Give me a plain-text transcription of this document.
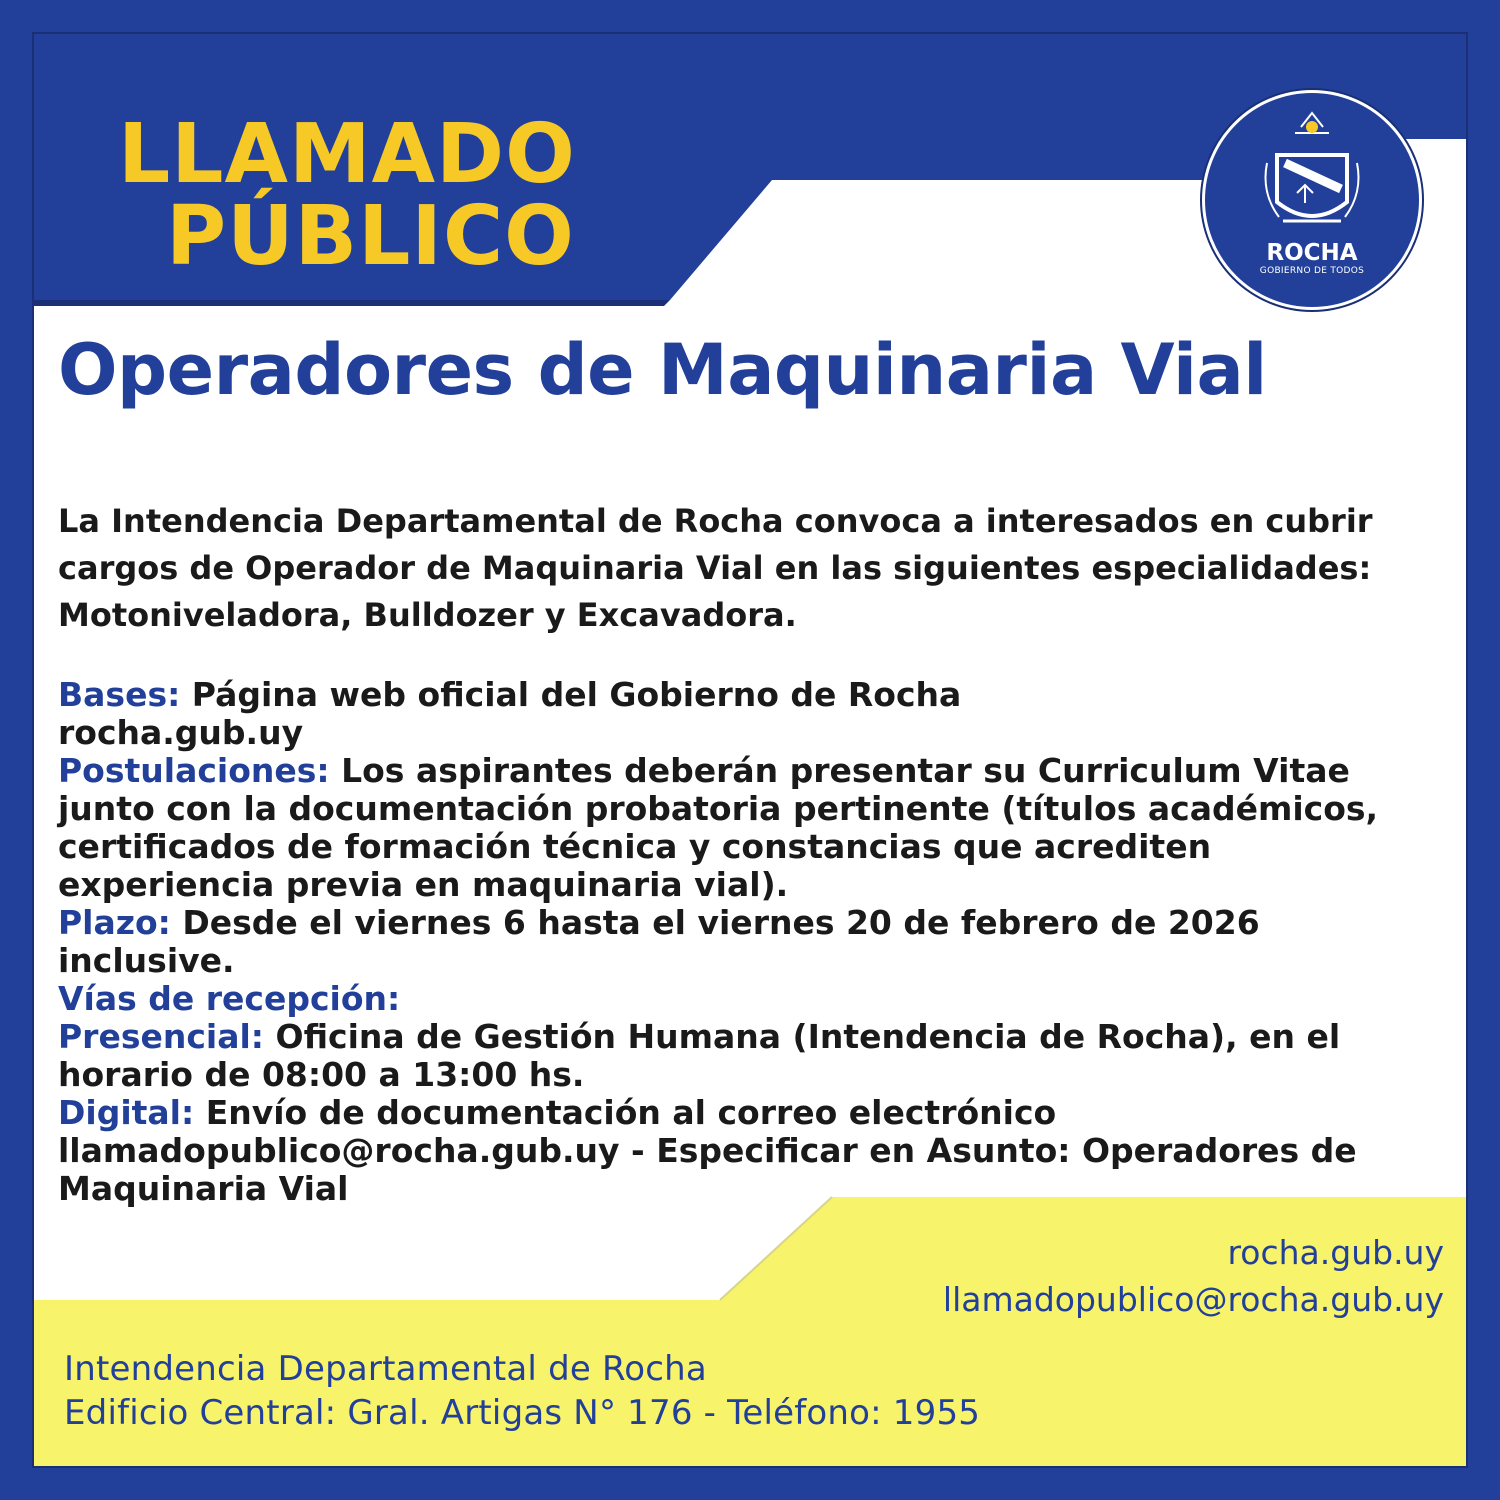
LLAMADO
PÚBLICO	ROCHA
GOBIERNO DE TODOS
Operadores de Maquinaria Vial

La Intendencia Departamental de Rocha convoca a interesados en cubrir cargos de Operador de Maquinaria Vial en las siguientes especialidades: Motoniveladora, Bulldozer y Excavadora.

Bases: Página web oficial del Gobierno de Rocha

rocha.gub.uy

Postulaciones: Los aspirantes deberán presentar su Curriculum Vitae junto con la documentación probatoria pertinente (títulos académicos, certificados de formación técnica y constancias que acrediten experiencia previa en maquinaria vial).

Plazo: Desde el viernes 6 hasta el viernes 20 de febrero de 2026 inclusive.

Vías de recepción:

Presencial: Oficina de Gestión Humana (Intendencia de Rocha), en el horario de 08:00 a 13:00 hs.

Digital: Envío de documentación al correo electrónico llamadopublico@rocha.gub.uy - Especificar en Asunto: Operadores de Maquinaria Vial

rocha.gub.uy
llamadopublico@rocha.gub.uy
Intendencia Departamental de Rocha
Edificio Central: Gral. Artigas N° 176 - Teléfono: 1955
